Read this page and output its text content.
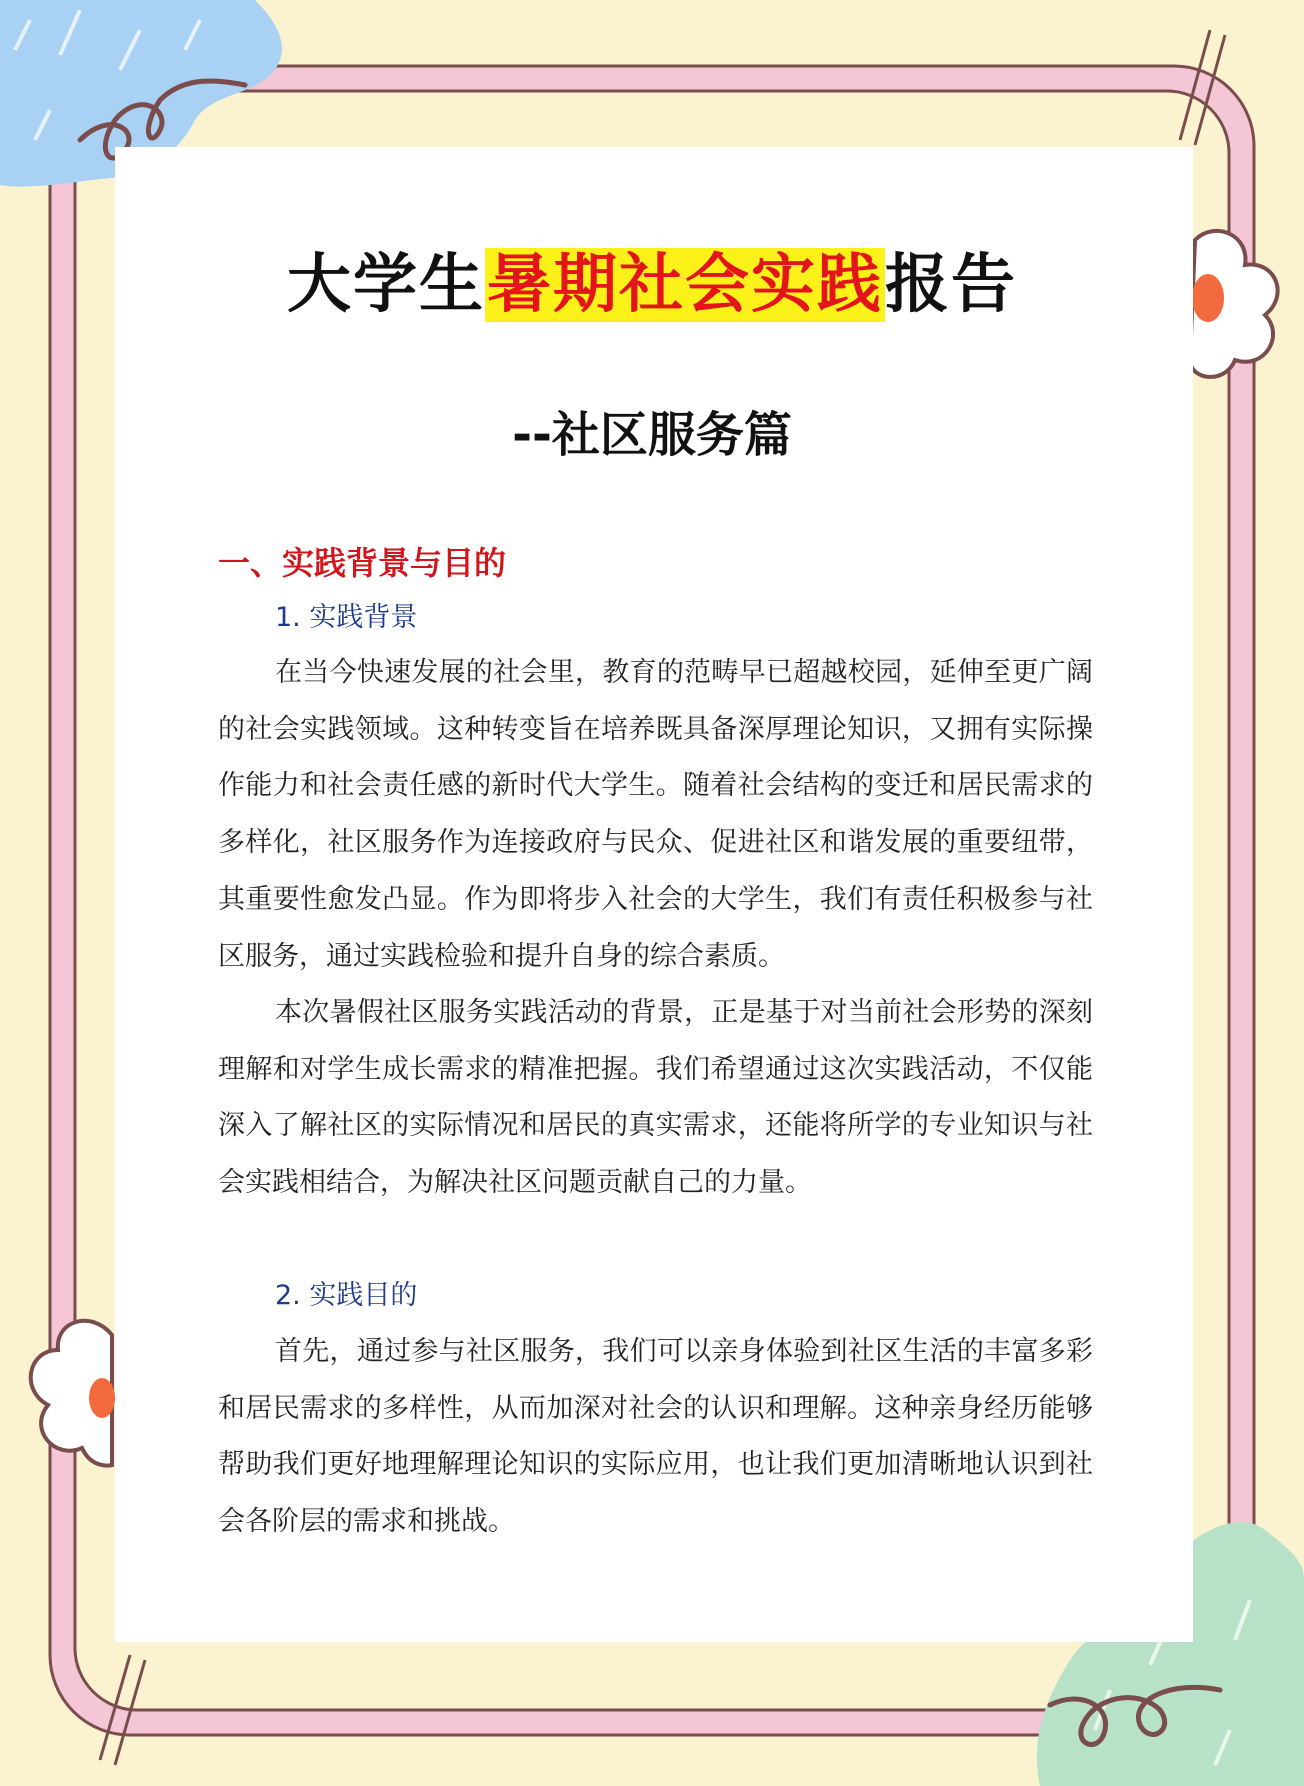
大学生暑期社会实践报告
--社区服务篇
一、实践背景与目的
1. 实践背景

在当今快速发展的社会里，教育的范畴早已超越校园，延伸至更广阔的社会实践领域。这种转变旨在培养既具备深厚理论知识，又拥有实际操作能力和社会责任感的新时代大学生。随着社会结构的变迁和居民需求的多样化，社区服务作为连接政府与民众、促进社区和谐发展的重要纽带，其重要性愈发凸显。作为即将步入社会的大学生，我们有责任积极参与社区服务，通过实践检验和提升自身的综合素质。

本次暑假社区服务实践活动的背景，正是基于对当前社会形势的深刻理解和对学生成长需求的精准把握。我们希望通过这次实践活动，不仅能深入了解社区的实际情况和居民的真实需求，还能将所学的专业知识与社会实践相结合，为解决社区问题贡献自己的力量。

2. 实践目的

首先，通过参与社区服务，我们可以亲身体验到社区生活的丰富多彩和居民需求的多样性，从而加深对社会的认识和理解。这种亲身经历能够帮助我们更好地理解理论知识的实际应用，也让我们更加清晰地认识到社会各阶层的需求和挑战。
